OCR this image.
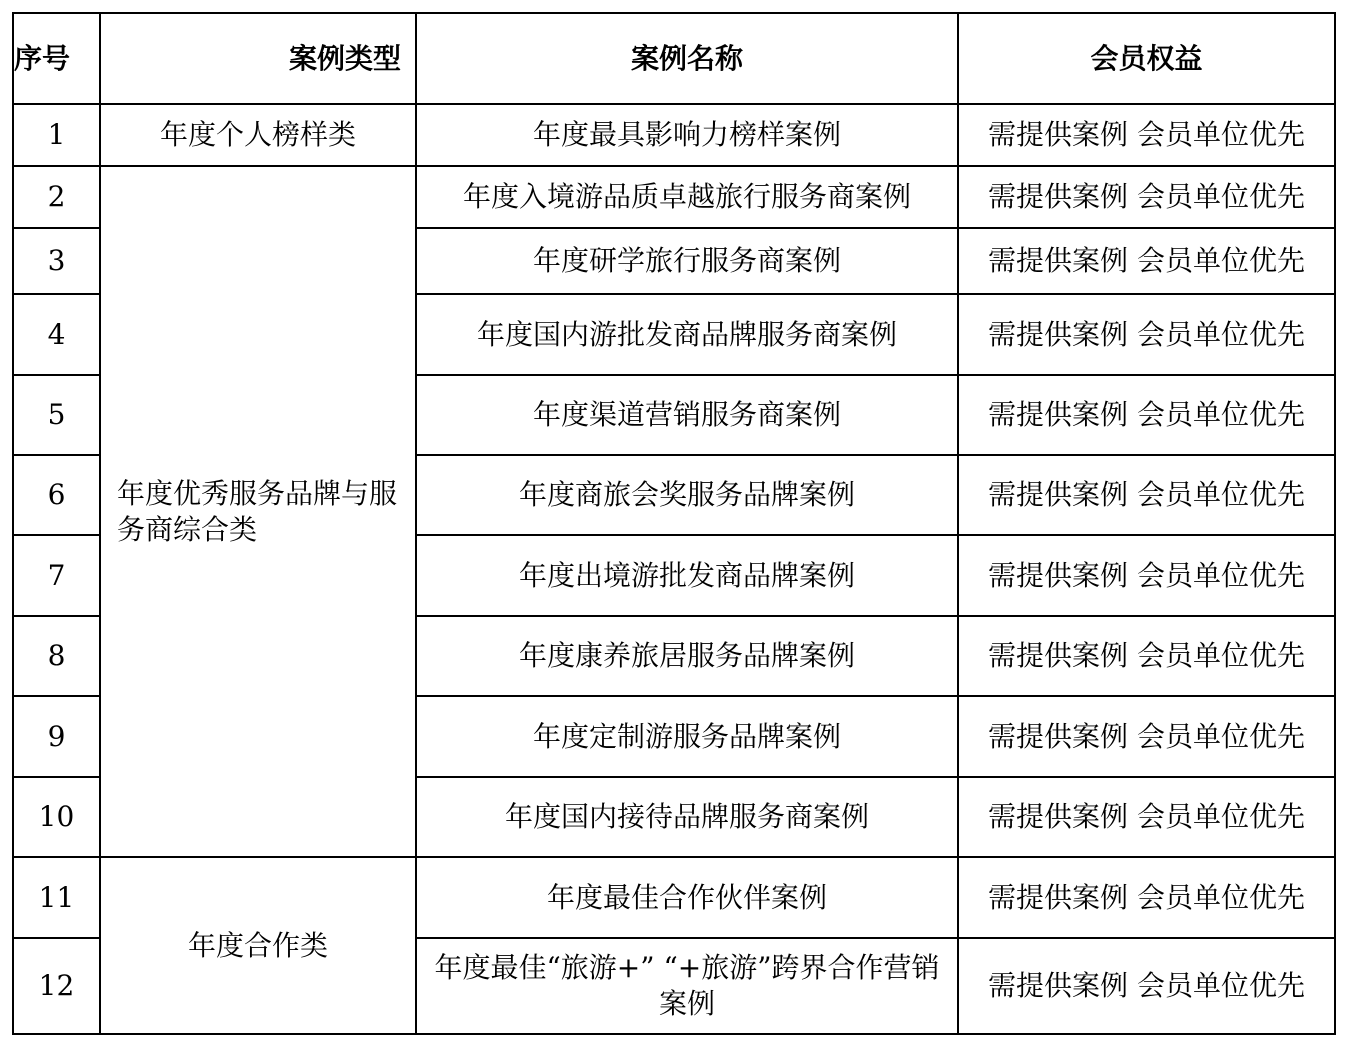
序号	案例类型	案例名称	会员权益
1	年度个人榜样类	年度最具影响力榜样案例	需提供案例 会员单位优先
2	年度优秀服务品牌与服务商综合类	年度入境游品质卓越旅行服务商案例	需提供案例 会员单位优先
3		年度研学旅行服务商案例	需提供案例 会员单位优先
4		年度国内游批发商品牌服务商案例	需提供案例 会员单位优先
5		年度渠道营销服务商案例	需提供案例 会员单位优先
6		年度商旅会奖服务品牌案例	需提供案例 会员单位优先
7		年度出境游批发商品牌案例	需提供案例 会员单位优先
8		年度康养旅居服务品牌案例	需提供案例 会员单位优先
9		年度定制游服务品牌案例	需提供案例 会员单位优先
10		年度国内接待品牌服务商案例	需提供案例 会员单位优先
11	年度合作类	年度最佳合作伙伴案例	需提供案例 会员单位优先
12		年度最佳“旅游+” “+旅游”跨界合作营销案例	需提供案例 会员单位优先
